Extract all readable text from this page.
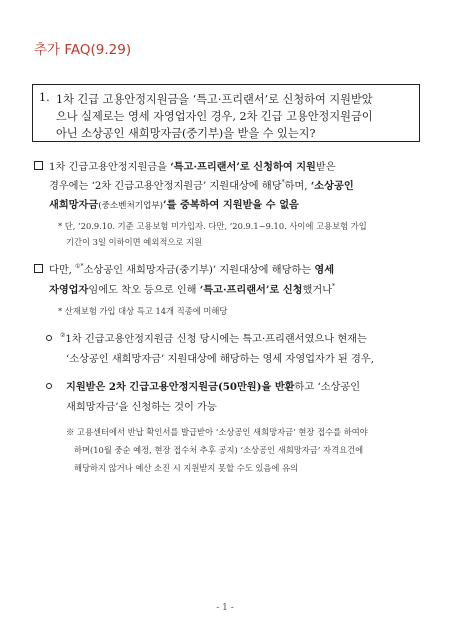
추가 FAQ(9.29)
1. 1차 긴급 고용안정지원금을 ‘특고·프리랜서’로 신청하여 지원받았
으나 실제로는 영세 자영업자인 경우, 2차 긴급 고용안정지원금이
아닌 소상공인 새희망자금(중기부)을 받을 수 있는지?
1차 긴급고용안정지원금을 ‘특고·프리랜서’로 신청하여 지원받은
경우에는 ‘2차 긴급고용안정지원금’ 지원대상에 해당*하며, ‘소상공인
새희망자금(중소벤처기업부)’를 중복하여 지원받을 수 없음
* 단, ’20.9.10. 기준 고용보험 미가입자. 다만, ’20.9.1~9.10. 사이에 고용보험 가입
기간이 3일 이하이면 예외적으로 지원
다만, ①*소상공인 새희망자금(중기부)’ 지원대상에 해당하는 영세
자영업자임에도 착오 등으로 인해 ‘특고·프리랜서’로 신청했거나*
* 산재보험 가입 대상 특고 14개 직종에 미해당
②1차 긴급고용안정지원금 신청 당시에는 특고·프리랜서였으나 현재는
‘소상공인 새희망자금’ 지원대상에 해당하는 영세 자영업자가 된 경우,
지원받은 2차 긴급고용안정지원금(50만원)을 반환하고 ‘소상공인
새희망자금’을 신청하는 것이 가능
※ 고용센터에서 반납 확인서를 발급받아 ‘소상공인 새희망자금’ 현장 접수를 하여야
하며(10월 중순 예정, 현장 접수처 추후 공지) ‘소상공인 새희망자금’ 자격요건에
해당하지 않거나 예산 소진 시 지원받지 못할 수도 있음에 유의
- 1 -
